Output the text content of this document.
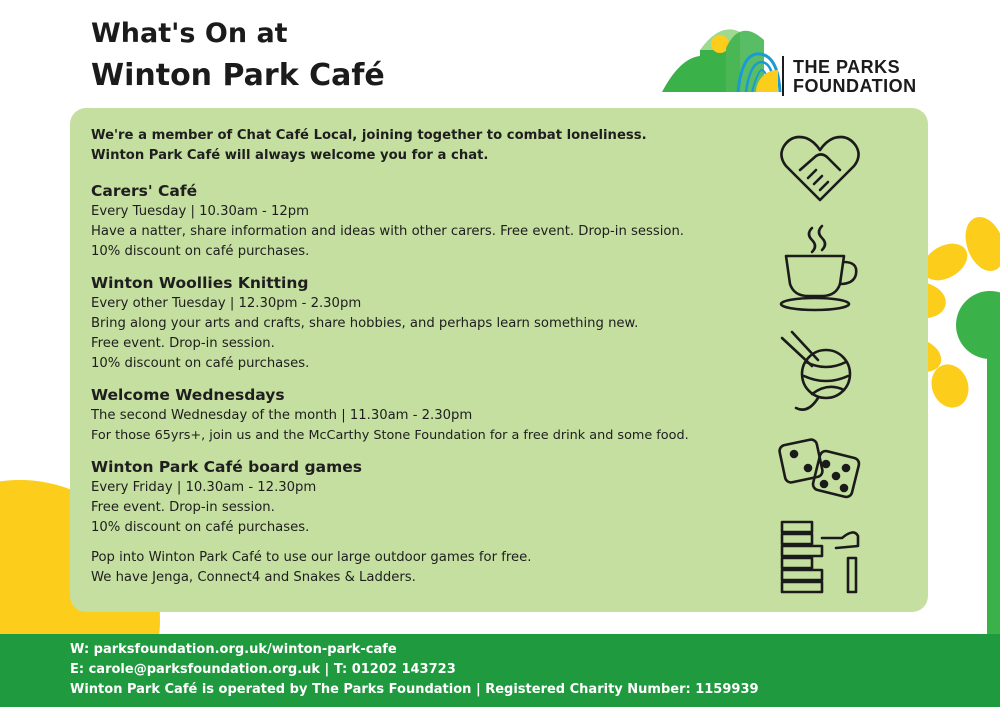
What's On at
Winton Park Café	THE PARKS
FOUNDATION
We're a member of Chat Café Local, joining together to combat loneliness.
Winton Park Café will always welcome you for a chat.
Carers' Café

Every Tuesday | 10.30am - 12pm

Have a natter, share information and ideas with other carers. Free event. Drop-in session.

10% discount on café purchases.

Winton Woollies Knitting

Every other Tuesday | 12.30pm - 2.30pm

Bring along your arts and crafts, share hobbies, and perhaps learn something new.

Free event. Drop-in session.

10% discount on café purchases.

Welcome Wednesdays

The second Wednesday of the month | 11.30am - 2.30pm

For those 65yrs+, join us and the McCarthy Stone Foundation for a free drink and some food.

Winton Park Café board games

Every Friday | 10.30am - 12.30pm

Free event. Drop-in session.

10% discount on café purchases.

Pop into Winton Park Café to use our large outdoor games for free.

We have Jenga, Connect4 and Snakes & Ladders.

W: parksfoundation.org.uk/winton-park-cafe

E: carole@parksfoundation.org.uk | T: 01202 143723

Winton Park Café is operated by The Parks Foundation | Registered Charity Number: 1159939
